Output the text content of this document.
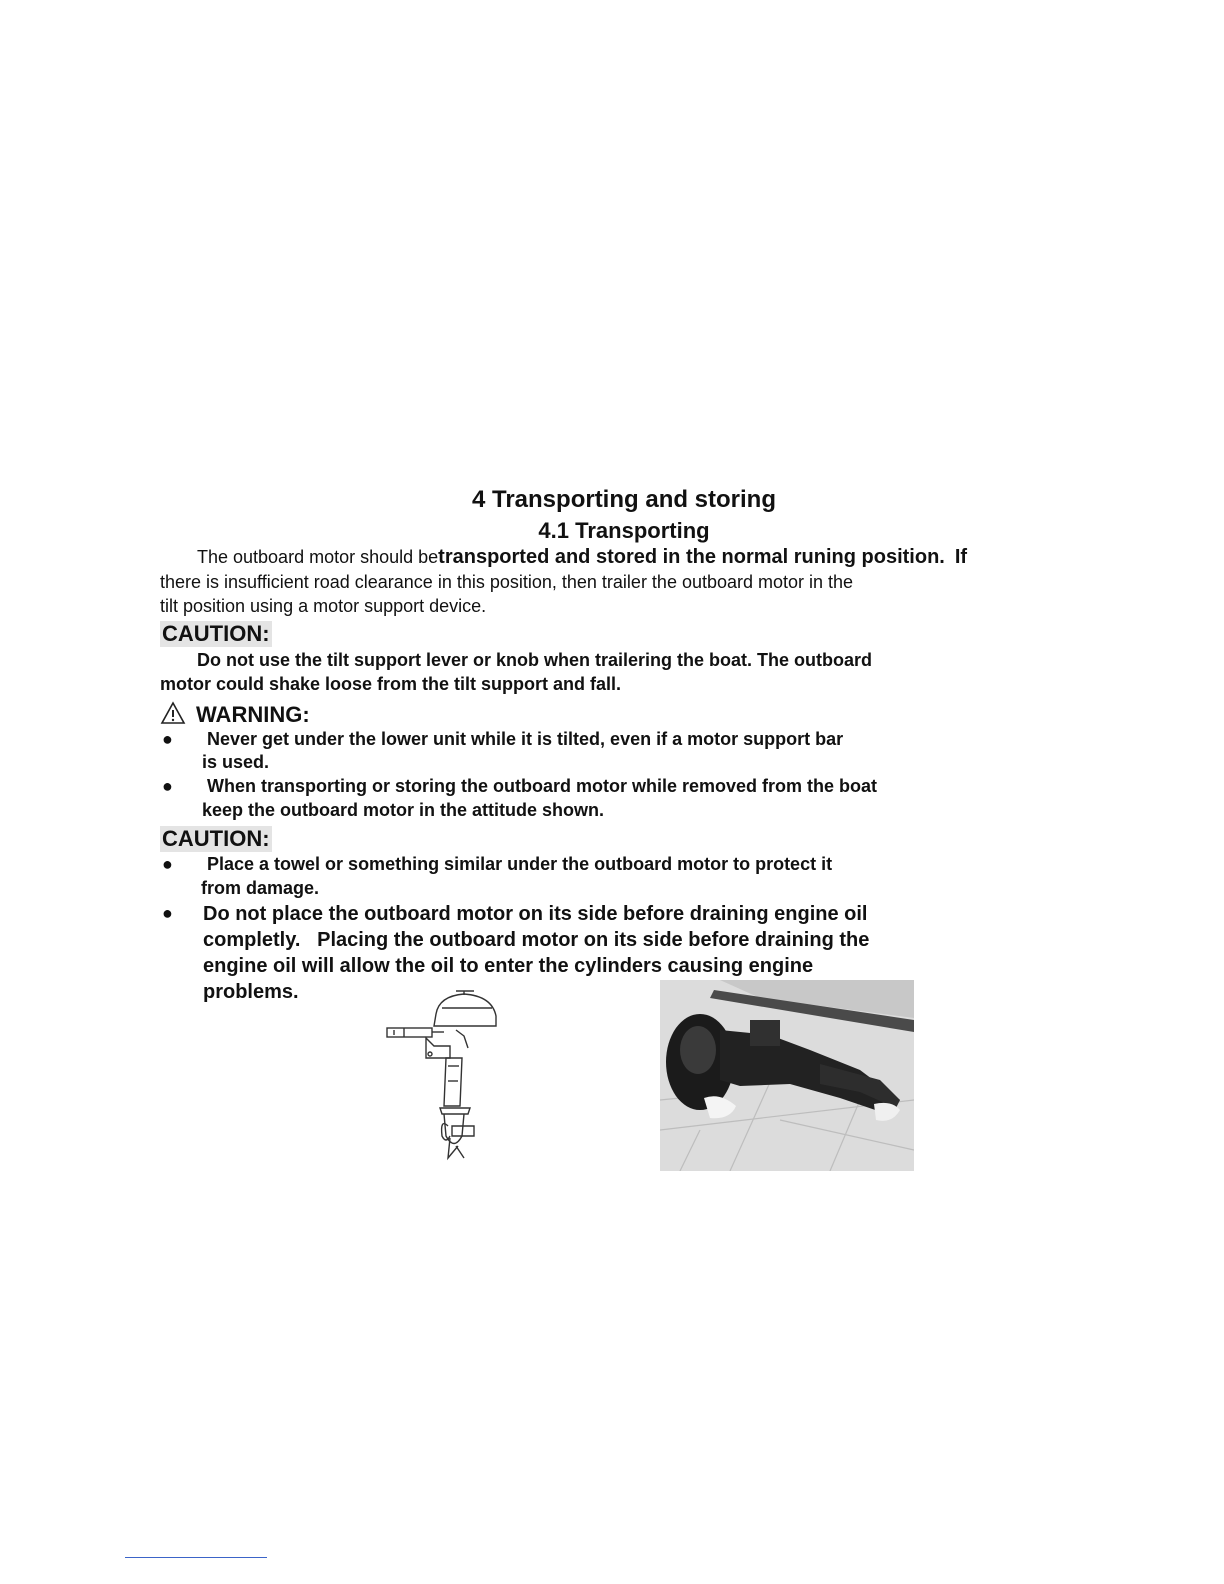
4 Transporting and storing
4.1 Transporting
The outboard motor should betransported and stored in the normal runing position. If
there is insufficient road clearance in this position, then trailer the outboard motor in the
tilt position using a motor support device.
CAUTION:
Do not use the tilt support lever or knob when trailering the boat. The outboard
motor could shake loose from the tilt support and fall.
WARNING:
● Never get under the lower unit while it is tilted, even if a motor support bar
is used.
● When transporting or storing the outboard motor while removed from the boat
keep the outboard motor in the attitude shown.
CAUTION:
● Place a towel or something similar under the outboard motor to protect it
from damage.
● Do not place the outboard motor on its side before draining engine oil
completly.   Placing the outboard motor on its side before draining the
engine oil will allow the oil to enter the cylinders causing engine
problems.
